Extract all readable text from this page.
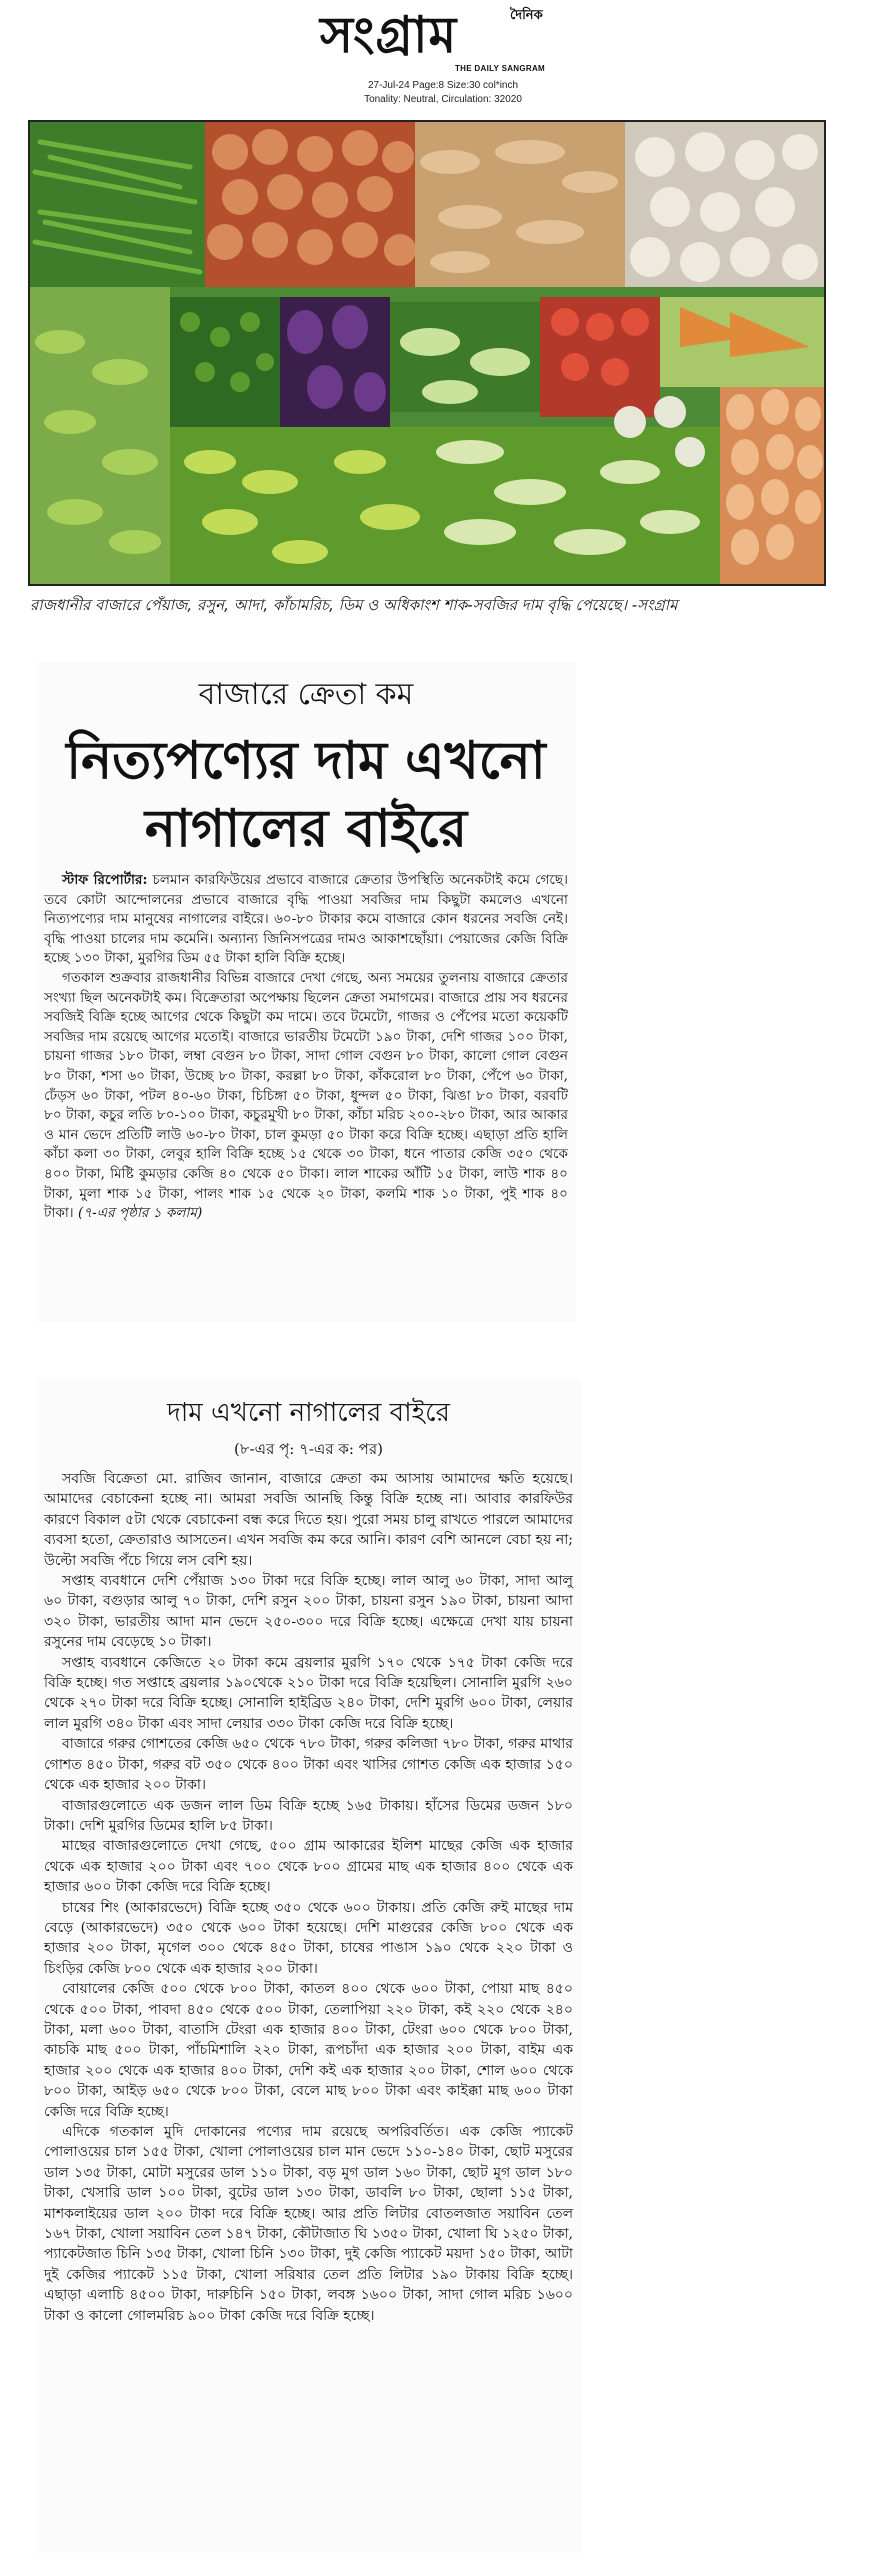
দৈনিক
সংগ্রাম
THE DAILY SANGRAM
27-Jul-24 Page:8 Size:30 col*inch
Tonality: Neutral, Circulation: 32020
রাজধানীর বাজারে পেঁয়াজ, রসুন, আদা, কাঁচামরিচ, ডিম ও অধিকাংশ শাক-সবজির দাম বৃদ্ধি পেয়েছে। -সংগ্রাম
বাজারে ক্রেতা কম
নিত্যপণ্যের দাম এখনো
নাগালের বাইরে

স্টাফ রিপোর্টার: চলমান কারফিউয়ের প্রভাবে বাজারে ক্রেতার উপস্থিতি অনেকটাই কমে গেছে। তবে কোটা আন্দোলনের প্রভাবে বাজারে বৃদ্ধি পাওয়া সবজির দাম কিছুটা কমলেও এখনো নিত্যপণ্যের দাম মানুষের নাগালের বাইরে। ৬০-৮০ টাকার কমে বাজারে কোন ধরনের সবজি নেই। বৃদ্ধি পাওয়া চালের দাম কমেনি। অন্যান্য জিনিসপত্রের দামও আকাশছোঁয়া। পেয়াজের কেজি বিক্রি হচ্ছে ১৩০ টাকা, মুরগির ডিম ৫৫ টাকা হালি বিক্রি হচ্ছে।

গতকাল শুক্রবার রাজধানীর বিভিন্ন বাজারে দেখা গেছে, অন্য সময়ের তুলনায় বাজারে ক্রেতার সংখ্যা ছিল অনেকটাই কম। বিক্রেতারা অপেক্ষায় ছিলেন ক্রেতা সমাগমের। বাজারে প্রায় সব ধরনের সবজিই বিক্রি হচ্ছে আগের থেকে কিছুটা কম দামে। তবে টমেটো, গাজর ও পেঁপের মতো কয়েকটি সবজির দাম রয়েছে আগের মতোই। বাজারে ভারতীয় টমেটো ১৯০ টাকা, দেশি গাজর ১০০ টাকা, চায়না গাজর ১৮০ টাকা, লম্বা বেগুন ৮০ টাকা, সাদা গোল বেগুন ৮০ টাকা, কালো গোল বেগুন ৮০ টাকা, শসা ৬০ টাকা, উচ্ছে ৮০ টাকা, করল্লা ৮০ টাকা, কাঁকরোল ৮০ টাকা, পেঁপে ৬০ টাকা, ঢেঁড়স ৬০ টাকা, পটল ৪০-৬০ টাকা, চিচিঙ্গা ৫০ টাকা, ধুন্দল ৫০ টাকা, ঝিঙা ৮০ টাকা, বরবটি ৮০ টাকা, কচুর লতি ৮০-১০০ টাকা, কচুরমুখী ৮০ টাকা, কাঁচা মরিচ ২০০-২৮০ টাকা, আর আকার ও মান ভেদে প্রতিটি লাউ ৬০-৮০ টাকা, চাল কুমড়া ৫০ টাকা করে বিক্রি হচ্ছে। এছাড়া প্রতি হালি কাঁচা কলা ৩০ টাকা, লেবুর হালি বিক্রি হচ্ছে ১৫ থেকে ৩০ টাকা, ধনে পাতার কেজি ৩৫০ থেকে ৪০০ টাকা, মিষ্টি কুমড়ার কেজি ৪০ থেকে ৫০ টাকা। লাল শাকের আঁটি ১৫ টাকা, লাউ শাক ৪০ টাকা, মুলা শাক ১৫ টাকা, পালং শাক ১৫ থেকে ২০ টাকা, কলমি শাক ১০ টাকা, পুই শাক ৪০ টাকা। (৭-এর পৃষ্ঠার ১ কলাম)

দাম এখনো নাগালের বাইরে
(৮-এর পৃ: ৭-এর ক: পর)

সবজি বিক্রেতা মো. রাজিব জানান, বাজারে ক্রেতা কম আসায় আমাদের ক্ষতি হয়েছে। আমাদের বেচাকেনা হচ্ছে না। আমরা সবজি আনছি কিন্তু বিক্রি হচ্ছে না। আবার কারফিউর কারণে বিকাল ৫টা থেকে বেচাকেনা বন্ধ করে দিতে হয়। পুরো সময় চালু রাখতে পারলে আমাদের ব্যবসা হতো, ক্রেতারাও আসতেন। এখন সবজি কম করে আনি। কারণ বেশি আনলে বেচা হয় না; উল্টো সবজি পঁচে গিয়ে লস বেশি হয়।

সপ্তাহ ব্যবধানে দেশি পেঁয়াজ ১৩০ টাকা দরে বিক্রি হচ্ছে। লাল আলু ৬০ টাকা, সাদা আলু ৬০ টাকা, বগুড়ার আলু ৭০ টাকা, দেশি রসুন ২০০ টাকা, চায়না রসুন ১৯০ টাকা, চায়না আদা ৩২০ টাকা, ভারতীয় আদা মান ভেদে ২৫০-৩০০ দরে বিক্রি হচ্ছে। এক্ষেত্রে দেখা যায় চায়না রসুনের দাম বেড়েছে ১০ টাকা।

সপ্তাহ ব্যবধানে কেজিতে ২০ টাকা কমে ব্রয়লার মুরগি ১৭০ থেকে ১৭৫ টাকা কেজি দরে বিক্রি হচ্ছে। গত সপ্তাহে ব্রয়লার ১৯০থেকে ২১০ টাকা দরে বিক্রি হয়েছিল। সোনালি মুরগি ২৬০ থেকে ২৭০ টাকা দরে বিক্রি হচ্ছে। সোনালি হাইব্রিড ২৪০ টাকা, দেশি মুরগি ৬০০ টাকা, লেয়ার লাল মুরগি ৩৪০ টাকা এবং সাদা লেয়ার ৩৩০ টাকা কেজি দরে বিক্রি হচ্ছে।

বাজারে গরুর গোশতের কেজি ৬৫০ থেকে ৭৮০ টাকা, গরুর কলিজা ৭৮০ টাকা, গরুর মাথার গোশত ৪৫০ টাকা, গরুর বট ৩৫০ থেকে ৪০০ টাকা এবং খাসির গোশত কেজি এক হাজার ১৫০ থেকে এক হাজার ২০০ টাকা।

বাজারগুলোতে এক ডজন লাল ডিম বিক্রি হচ্ছে ১৬৫ টাকায়। হাঁসের ডিমের ডজন ১৮০ টাকা। দেশি মুরগির ডিমের হালি ৮৫ টাকা।

মাছের বাজারগুলোতে দেখা গেছে, ৫০০ গ্রাম আকারের ইলিশ মাছের কেজি এক হাজার থেকে এক হাজার ২০০ টাকা এবং ৭০০ থেকে ৮০০ গ্রামের মাছ এক হাজার ৪০০ থেকে এক হাজার ৬০০ টাকা কেজি দরে বিক্রি হচ্ছে।

চাষের শিং (আকারভেদে) বিক্রি হচ্ছে ৩৫০ থেকে ৬০০ টাকায়। প্রতি কেজি রুই মাছের দাম বেড়ে (আকারভেদে) ৩৫০ থেকে ৬০০ টাকা হয়েছে। দেশি মাগুরের কেজি ৮০০ থেকে এক হাজার ২০০ টাকা, মৃগেল ৩০০ থেকে ৪৫০ টাকা, চাষের পাঙাস ১৯০ থেকে ২২০ টাকা ও চিংড়ির কেজি ৮০০ থেকে এক হাজার ২০০ টাকা।

বোয়ালের কেজি ৫০০ থেকে ৮০০ টাকা, কাতল ৪০০ থেকে ৬০০ টাকা, পোয়া মাছ ৪৫০ থেকে ৫০০ টাকা, পাবদা ৪৫০ থেকে ৫০০ টাকা, তেলাপিয়া ২২০ টাকা, কই ২২০ থেকে ২৪০ টাকা, মলা ৬০০ টাকা, বাতাসি টেংরা এক হাজার ৪০০ টাকা, টেংরা ৬০০ থেকে ৮০০ টাকা, কাচকি মাছ ৫০০ টাকা, পাঁচমিশালি ২২০ টাকা, রূপচাঁদা এক হাজার ২০০ টাকা, বাইম এক হাজার ২০০ থেকে এক হাজার ৪০০ টাকা, দেশি কই এক হাজার ২০০ টাকা, শোল ৬০০ থেকে ৮০০ টাকা, আইড় ৬৫০ থেকে ৮০০ টাকা, বেলে মাছ ৮০০ টাকা এবং কাইক্কা মাছ ৬০০ টাকা কেজি দরে বিক্রি হচ্ছে।

এদিকে গতকাল মুদি দোকানের পণ্যের দাম রয়েছে অপরিবর্তিত। এক কেজি প্যাকেট পোলাওয়ের চাল ১৫৫ টাকা, খোলা পোলাওয়ের চাল মান ভেদে ১১০-১৪০ টাকা, ছোট মসুরের ডাল ১৩৫ টাকা, মোটা মসুরের ডাল ১১০ টাকা, বড় মুগ ডাল ১৬০ টাকা, ছোট মুগ ডাল ১৮০ টাকা, খেসারি ডাল ১০০ টাকা, বুটের ডাল ১৩০ টাকা, ডাবলি ৮০ টাকা, ছোলা ১১৫ টাকা, মাশকলাইয়ের ডাল ২০০ টাকা দরে বিক্রি হচ্ছে। আর প্রতি লিটার বোতলজাত সয়াবিন তেল ১৬৭ টাকা, খোলা সয়াবিন তেল ১৪৭ টাকা, কৌটাজাত ঘি ১৩৫০ টাকা, খোলা ঘি ১২৫০ টাকা, প্যাকেটজাত চিনি ১৩৫ টাকা, খোলা চিনি ১৩০ টাকা, দুই কেজি প্যাকেট ময়দা ১৫০ টাকা, আটা দুই কেজির প্যাকেট ১১৫ টাকা, খোলা সরিষার তেল প্রতি লিটার ১৯০ টাকায় বিক্রি হচ্ছে। এছাড়া এলাচি ৪৫০০ টাকা, দারুচিনি ১৫০ টাকা, লবঙ্গ ১৬০০ টাকা, সাদা গোল মরিচ ১৬০০ টাকা ও কালো গোলমরিচ ৯০০ টাকা কেজি দরে বিক্রি হচ্ছে।
